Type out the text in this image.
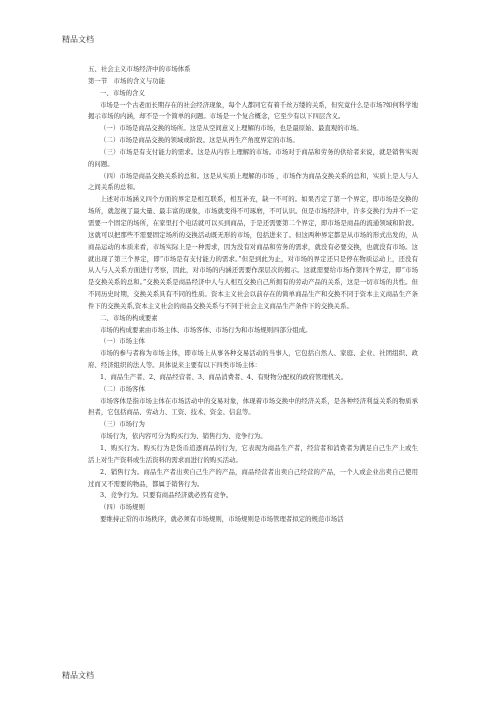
精品文档

五、社会主义市场经济中的市场体系

第一节　市场的含义与功能

一、市场的含义

市场是一个古老而长期存在的社会经济现象，每个人都同它有着千丝万缕的关系，但究竟什么是市场?如何科学地揭示市场的内涵，却不是一个简单的问题。市场是一个复合概念，它至少有以下四层含义。

（一）市场是商品交换的场所。这是从空间意义上理解的市场，也是最原始、最直观的市场。

（二）市场是商品交换的领域或阶段。这是从再生产角度界定的市场。

（三）市场是有支付能力的需求。这是从内容上理解的市场。市场对于商品和劳务的供给者来说，就是销售实现的问题。

（四）市场是商品交换关系的总和。这是从实质上理解的市场 ，市场作为商品交换关系的总和，实质上是人与人之间关系的总和。

上述对市场涵义四个方面的界定是相互联系，相互补充，缺一不可的。如果否定了第一个界定，即市场是交换的场所，就忽视了最大量、最丰富的现象，市场就变得不可琢磨，不可认识。但是市场经济中，许多交换行为并不一定需要一个固定的场所，在家里打个电话就可以买到商品，于是还需要第二个界定，即市场是商品的流通领域和阶段。这就可以把那些不需要固定场所的交换活动既无形的市场，包括进来了。但这两种界定都是从市场的形式出发的，从商品运动的本质来看，市场实际上是一种需求，因为没有对商品和劳务的需求，就没有必要交换，也就没有市场。这就出现了第三个界定，即“市场是有支付能力的需求。”但是到此为止，对市场的界定还只是停在物质运动上，还没有从人与人关系方面进行考察，因此，对市场的内涵还需要作深层次的揭示。这就需要给市场作第四个界定，即“市场是交换关系的总和。”交换关系是商品经济中人与人相互交换自己所拥有的劳动产品的关系，这是一切市场的共性。但不同历史时期，交换关系具有不同的性质。资本主义社会以前存在的简单商品生产和交换不同于资本主义商品生产条件下的交换关系,资本主义社会的商品交换关系与不同于社会主义商品生产条件下的交换关系。

二、市场的构成要素

市场的构成要素由市场主体、市场客体、市场行为和市场规则四部分组成。

（一）市场主体

市场的参与者称为市场主体，即市场上从事各种交易活动的当事人，它包括自然人、家庭、企业、社团组织、政府、经济组织的法人等。具体说来主要有以下四类市场主体：

1、商品生产者、2、商品经营者、3、商品消费者、4、有财物分配权的政府管理机关。

（二）市场客体

市场客体是指市场主体在市场活动中的交易对象，体现着市场交换中的经济关系，是各种经济利益关系的物质承担者，它包括商品、劳动力、工资、技术、资金、信息等。

（三）市场行为

市场行为，依内容可分为购买行为、销售行为、竞争行为。

1、购买行为。购买行为是货币追逐商品的行为，它表现为商品生产者，经营者和消费者为满足自己生产上或生活上对生产资料或生活资料的需求而进行的购买活动。

2、销售行为。商品生产者出卖自己生产的产品，商品经营者出卖自己经营的产品，一个人或企业出卖自己使用过而又不需要的物品，都属于销售行为。

3、竞争行为。只要有商品经济就必然有竞争。

（四）市场规则

要维持正常的市场秩序，就必须有市场规则，市场规则是市场管理者拟定的规范市场活

精品文档
